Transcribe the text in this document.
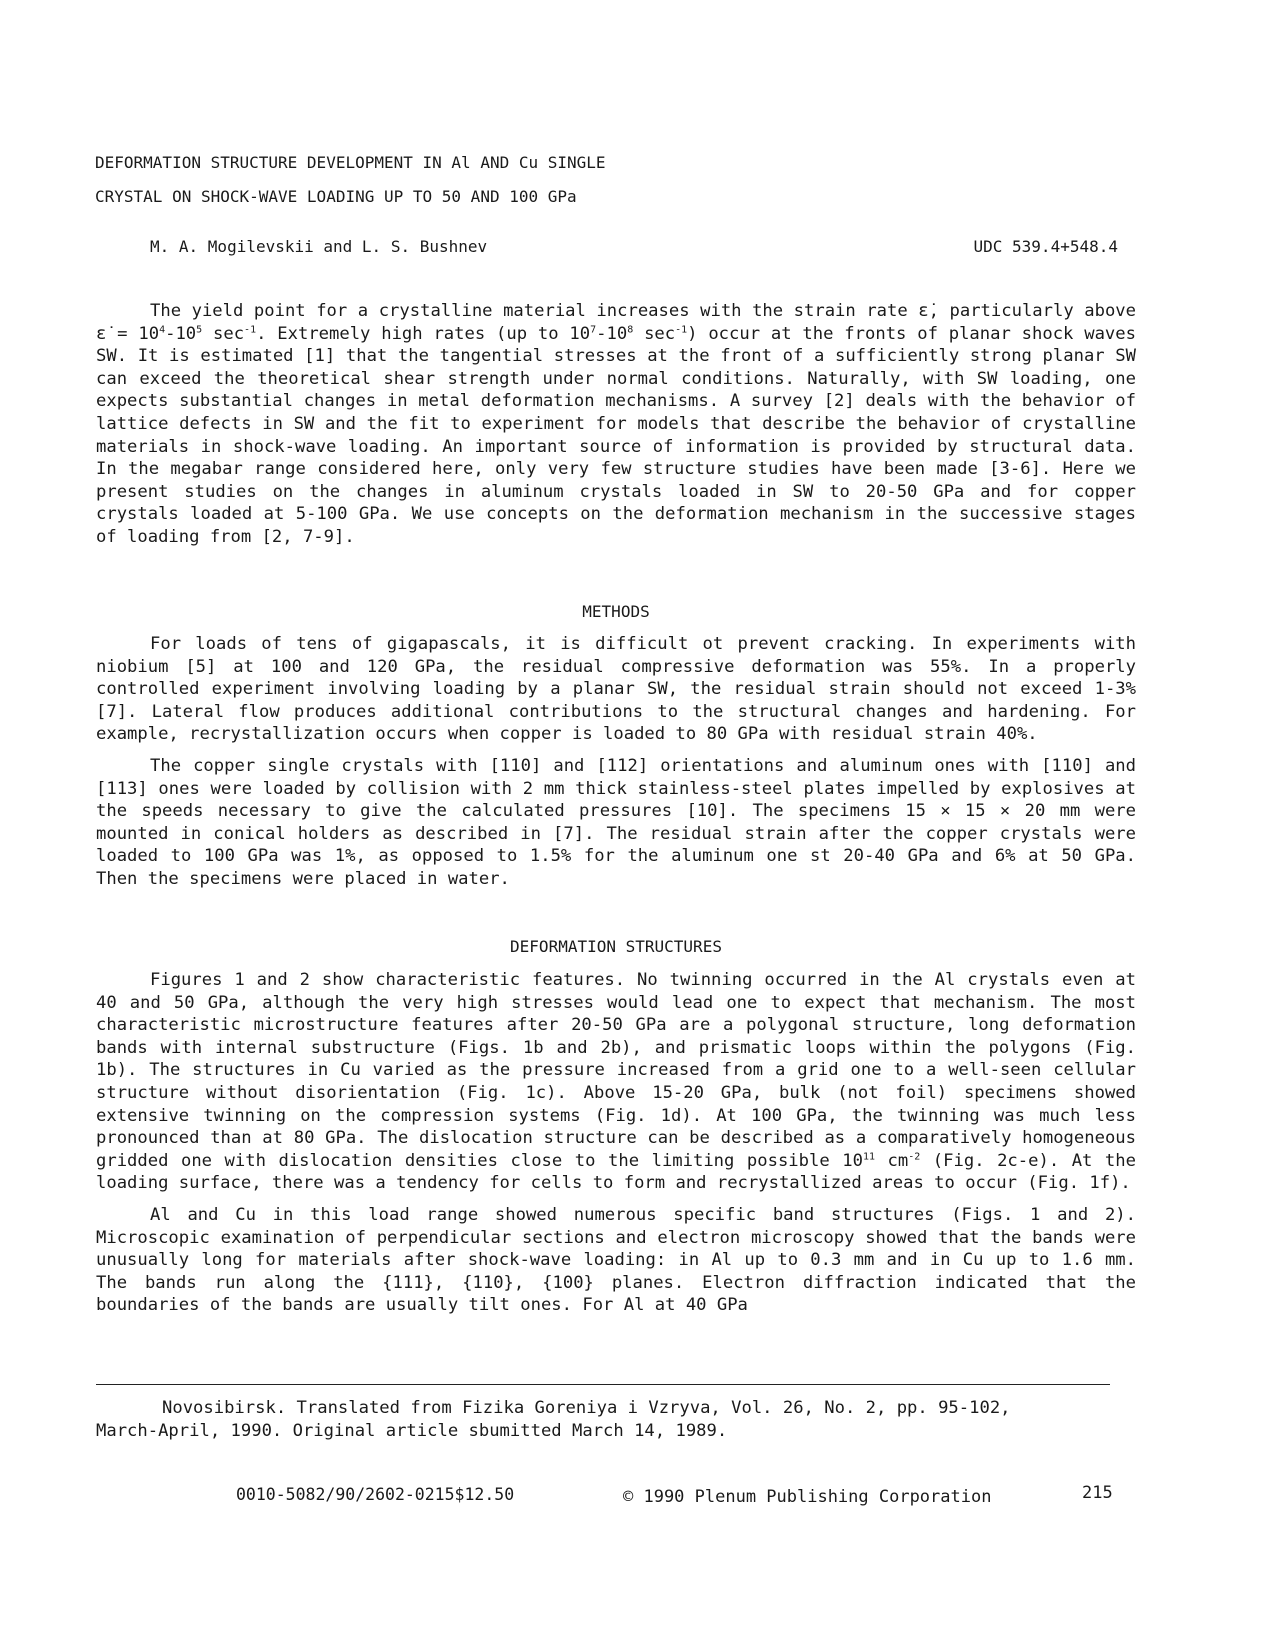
DEFORMATION STRUCTURE DEVELOPMENT IN Al AND Cu SINGLE
CRYSTAL ON SHOCK-WAVE LOADING UP TO 50 AND 100 GPa
M. A. Mogilevskii and L. S. Bushnev	UDC 539.4+548.4

The yield point for a crystalline material increases with the strain rate ε̇, particularly above ε̇ = $10^4-10^5$ $\sec^{-1}$. Extremely high rates (up to $10^7-10^8$ $\sec^{-1}$) occur at the fronts of planar shock waves SW. It is estimated [1] that the tangential stresses at the front of a sufficiently strong planar SW can exceed the theoretical shear strength under normal conditions. Naturally, with SW loading, one expects substantial changes in metal deformation mechanisms. A survey [2] deals with the behavior of lattice defects in SW and the fit to experiment for models that describe the behavior of crystalline materials in shock-wave loading. An important source of information is provided by structural data. In the megabar range considered here, only very few structure studies have been made [3-6]. Here we present studies on the changes in aluminum crystals loaded in SW to 20-50 GPa and for copper crystals loaded at 5-100 GPa. We use concepts on the deformation mechanism in the successive stages of loading from [2, 7-9].

METHODS

For loads of tens of gigapascals, it is difficult ot prevent cracking. In experiments with niobium [5] at 100 and 120 GPa, the residual compressive deformation was 55%. In a properly controlled experiment involving loading by a planar SW, the residual strain should not exceed 1-3% [7]. Lateral flow produces additional contributions to the structural changes and hardening. For example, recrystallization occurs when copper is loaded to 80 GPa with residual strain 40%.

The copper single crystals with [110] and [112] orientations and aluminum ones with [110] and [113] ones were loaded by collision with 2 mm thick stainless-steel plates impelled by explosives at the speeds necessary to give the calculated pressures [10]. The specimens 15 × 15 × 20 mm were mounted in conical holders as described in [7]. The residual strain after the copper crystals were loaded to 100 GPa was 1%, as opposed to 1.5% for the aluminum one st 20-40 GPa and 6% at 50 GPa. Then the specimens were placed in water.

DEFORMATION STRUCTURES

Figures 1 and 2 show characteristic features. No twinning occurred in the Al crystals even at 40 and 50 GPa, although the very high stresses would lead one to expect that mechanism. The most characteristic microstructure features after 20-50 GPa are a polygonal structure, long deformation bands with internal substructure (Figs. 1b and 2b), and prismatic loops within the polygons (Fig. 1b). The structures in Cu varied as the pressure increased from a grid one to a well-seen cellular structure without disorientation (Fig. 1c). Above 15-20 GPa, bulk (not foil) specimens showed extensive twinning on the compression systems (Fig. 1d). At 100 GPa, the twinning was much less pronounced than at 80 GPa. The dislocation structure can be described as a comparatively homogeneous gridded one with dislocation densities close to the limiting possible $10^{11}$ $cm^{-2}$ (Fig. 2c-e). At the loading surface, there was a tendency for cells to form and recrystallized areas to occur (Fig. 1f).

Al and Cu in this load range showed numerous specific band structures (Figs. 1 and 2). Microscopic examination of perpendicular sections and electron microscopy showed that the bands were unusually long for materials after shock-wave loading: in Al up to 0.3 mm and in Cu up to 1.6 mm. The bands run along the {111}, {110}, {100} planes. Electron diffraction indicated that the boundaries of the bands are usually tilt ones. For Al at 40 GPa

Novosibirsk. Translated from Fizika Goreniya i Vzryva, Vol. 26, No. 2, pp. 95-102,
March-April, 1990. Original article sbumitted March 14, 1989.
0010-5082/90/2602-0215$12.50	© 1990 Plenum Publishing Corporation	215
